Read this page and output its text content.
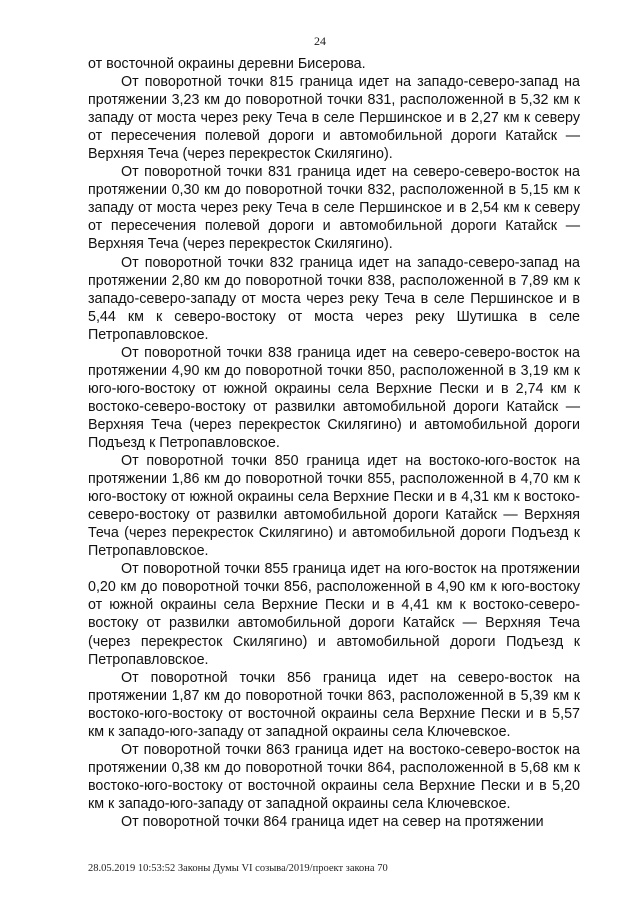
24

от восточной окраины деревни Бисерова.

От поворотной точки 815 граница идет на западо-северо-запад на протяжении 3,23 км до поворотной точки 831, расположенной в 5,32 км к западу от моста через реку Теча в селе Першинское и в 2,27 км к северу от пересечения полевой дороги и автомобильной дороги Катайск — Верхняя Теча (через перекресток Скилягино).

От поворотной точки 831 граница идет на северо-северо-восток на протяжении 0,30 км до поворотной точки 832, расположенной в 5,15 км к западу от моста через реку Теча в селе Першинское и в 2,54 км к северу от пересечения полевой дороги и автомобильной дороги Катайск — Верхняя Теча (через перекресток Скилягино).

От поворотной точки 832 граница идет на западо-северо-запад на протяжении 2,80 км до поворотной точки 838, расположенной в 7,89 км к западо-северо-западу от моста через реку Теча в селе Першинское и в 5,44 км к северо-востоку от моста через реку Шутишка в селе Петропавловское.

От поворотной точки 838 граница идет на северо-северо-восток на протяжении 4,90 км до поворотной точки 850, расположенной в 3,19 км к юго-юго-востоку от южной окраины села Верхние Пески и в 2,74 км к востоко-северо-востоку от развилки автомобильной дороги Катайск — Верхняя Теча (через перекресток Скилягино) и автомобильной дороги Подъезд к Петропавловское.

От поворотной точки 850 граница идет на востоко-юго-восток на протяжении 1,86 км до поворотной точки 855, расположенной в 4,70 км к юго-востоку от южной окраины села Верхние Пески и в 4,31 км к востоко-северо-востоку от развилки автомобильной дороги Катайск — Верхняя Теча (через перекресток Скилягино) и автомобильной дороги Подъезд к Петропавловское.

От поворотной точки 855 граница идет на юго-восток на протяжении 0,20 км до поворотной точки 856, расположенной в 4,90 км к юго-востоку от южной окраины села Верхние Пески и в 4,41 км к востоко-северо-востоку от развилки автомобильной дороги Катайск — Верхняя Теча (через перекресток Скилягино) и автомобильной дороги Подъезд к Петропавловское.

От поворотной точки 856 граница идет на северо-восток на протяжении 1,87 км до поворотной точки 863, расположенной в 5,39 км к востоко-юго-востоку от восточной окраины села Верхние Пески и в 5,57 км к западо-юго-западу от западной окраины села Ключевское.

От поворотной точки 863 граница идет на востоко-северо-восток на протяжении 0,38 км до поворотной точки 864, расположенной в 5,68 км к востоко-юго-востоку от восточной окраины села Верхние Пески и в 5,20 км к западо-юго-западу от западной окраины села Ключевское.

От поворотной точки 864 граница идет на север на протяжении

28.05.2019 10:53:52 Законы Думы VI созыва/2019/проект закона 70
